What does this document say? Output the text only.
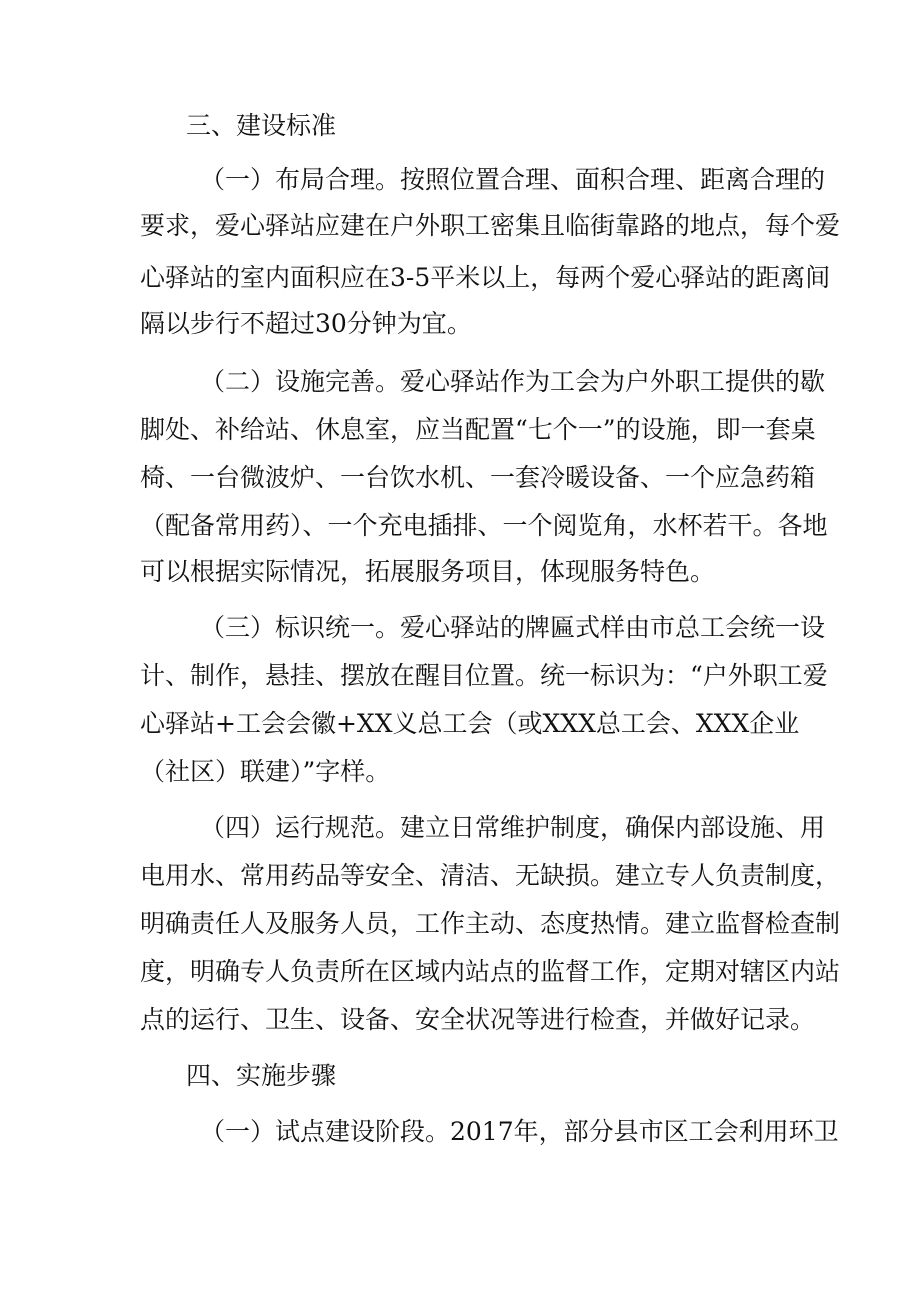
三、建设标准
（一）布局合理。按照位置合理、面积合理、距离合理的
要求，爱心驿站应建在户外职工密集且临街靠路的地点，每个爱
心驿站的室内面积应在3-5平米以上，每两个爱心驿站的距离间
隔以步行不超过30分钟为宜。
（二）设施完善。爱心驿站作为工会为户外职工提供的歇
脚处、补给站、休息室，应当配置“七个一”的设施，即一套桌
椅、一台微波炉、一台饮水机、一套冷暖设备、一个应急药箱
（配备常用药）、一个充电插排、一个阅览角，水杯若干。各地
可以根据实际情况，拓展服务项目，体现服务特色。
（三）标识统一。爱心驿站的牌匾式样由市总工会统一设
计、制作，悬挂、摆放在醒目位置。统一标识为：“户外职工爱
心驿站+工会会徽+XX义总工会（或XXX总工会、XXX企业
（社区）联建）”字样。
（四）运行规范。建立日常维护制度，确保内部设施、用
电用水、常用药品等安全、清洁、无缺损。建立专人负责制度，
明确责任人及服务人员，工作主动、态度热情。建立监督检查制
度，明确专人负责所在区域内站点的监督工作，定期对辖区内站
点的运行、卫生、设备、安全状况等进行检查，并做好记录。
四、实施步骤
（一）试点建设阶段。2017年，部分县市区工会利用环卫
